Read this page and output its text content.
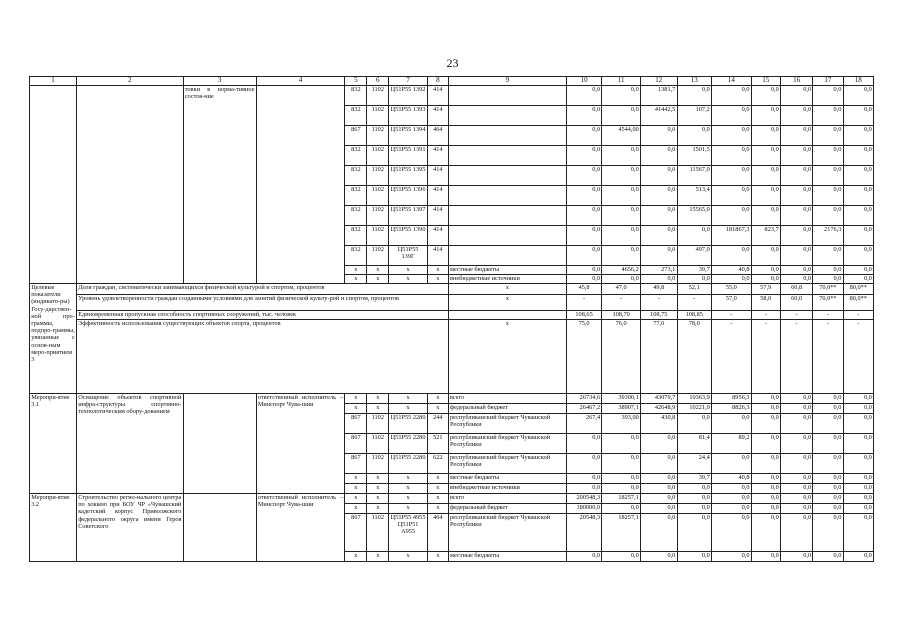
23
1	2	3	4	5	6	7	8	9	10	11	12	13	14	15	16	17	18
		товки в норма-тивное состоя-ние		832	1102	Ц51Р55 1392	414		0,0	0,0	1381,7	0,0	0,0	0,0	0,0	0,0	0,0
				832	1102	Ц51Р55 1393	414		0,0	0,0	41442,5	107,2	0,0	0,0	0,0	0,0	0,0
				867	1102	Ц51Р55 1394	464		0,0	4544,00	0,0	0,0	0,0	0,0	0,0	0,0	0,0
				832	1102	Ц51Р55 1391	414		0,0	0,0	0,0	1501,5	0,0	0,0	0,0	0,0	0,0
				832	1102	Ц51Р55 1395	414		0,0	0,0	0,0	11567,0	0,0	0,0	0,0	0,0	0,0
				832	1102	Ц51Р55 1396	414		0,0	0,0	0,0	513,4	0,0	0,0	0,0	0,0	0,0
				832	1102	Ц51Р55 1397	414		0,0	0,0	0,0	15565,0	0,0	0,0	0,0	0,0	0,0
				832	1102	Ц51Р55 1390	414		0,0	0,0	0,0	0,0	181867,3	823,7	0,0	2176,3	0,0
				832	1102	Ц51Р55 139Г	414		0,0	0,0	0,0	497,0	0,0	0,0	0,0	0,0	0,0
				x	x	x	x	местные бюджеты	0,0	4656,2	273,1	39,7	40,8	0,0	0,0	0,0	0,0
				x	x	x	x	внебюджетные источники	0,0	0,0	0,0	0,0	0,0	0,0	0,0	0,0	0,0
Целевые показатели (индикато-ры) Госу-дарствен-ной про-граммы, подпро-граммы, увязанные с основ-ным меро-приятием 3	Доля граждан, систематически занимающихся физической культурой и спортом, процентов							х	45,8	47,0	49,8	52,1	55,0	57,9	60,8	70,0**	80,0**
	Уровень удовлетворенности граждан созданными условиями для занятий физической культу-рой и спортом, процентов							х	-	-	-	-	57,0	58,0	60,0	70,0**	80,0**
	Единовременная пропускная способность спортивных сооружений, тыс. человек								108,65	108,70	108,75	108,85	-	-	-	-	-
	Эффективность использования существующих объектов спорта, процентов							х	75,0	76,0	77,0	78,0	-	-	-	-	-
Меропри-ятие 3.1	Оснащение объектов спортивной инфра-структуры спортивно-технологическим обору-дованием		ответственный исполнитель – Минспорт Чува-шии	x	x	x	x	всего	26734,6	39300,1	43079,7	10363,9	8956,3	0,0	0,0	0,0	0,0
				x	x	x	x	федеральный бюджет	26467,2	38907,1	42648,9	10221,0	8826,3	0,0	0,0	0,0	0,0
				867	1102	Ц51Р55 2280	244	республиканский бюджет Чувашской Республики	267,4	393,00	430,8	0,0	0,0	0,0	0,0	0,0	0,0
				867	1102	Ц51Р55 2280	521	республиканский бюджет Чувашской Республики	0,0	0,0	0,0	81,4	89,2	0,0	0,0	0,0	0,0
				867	1102	Ц51Р55 2280	622	республиканский бюджет Чувашской Республики	0,0	0,0	0,0	24,4	0,0	0,0	0,0	0,0	0,0
				x	x	x	x	местные бюджеты	0,0	0,0	0,0	39,7	40,8	0,0	0,0	0,0	0,0
				x	x	x	x	внебюджетные источники	0,0	0,0	0,0	0,0	0,0	0,0	0,0	0,0	0,0
Меропри-ятие 3.2	Строительство регио-нального центра по хоккею при БОУ ЧР «Чувашский кадетский корпус Приволжского федерального округа имени Героя Советского		ответственный исполнитель – Минспорт Чува-шии	x	x	x	x	всего	200548,3	18257,1	0,0	0,0	0,0	0,0	0,0	0,0	0,0
				x	x	x	x	федеральный бюджет	180000,0	0,0	0,0	0,0	0,0	0,0	0,0	0,0	0,0
				867	1102	Ц51Р55 4955 Ц51Р51 А955	464	республиканский бюджет Чувашской Республики	20548,3	18257,1	0,0	0,0	0,0	0,0	0,0	0,0	0,0
				x	x	x	x	местные бюджеты	0,0	0,0	0,0	0,0	0,0	0,0	0,0	0,0	0,0
